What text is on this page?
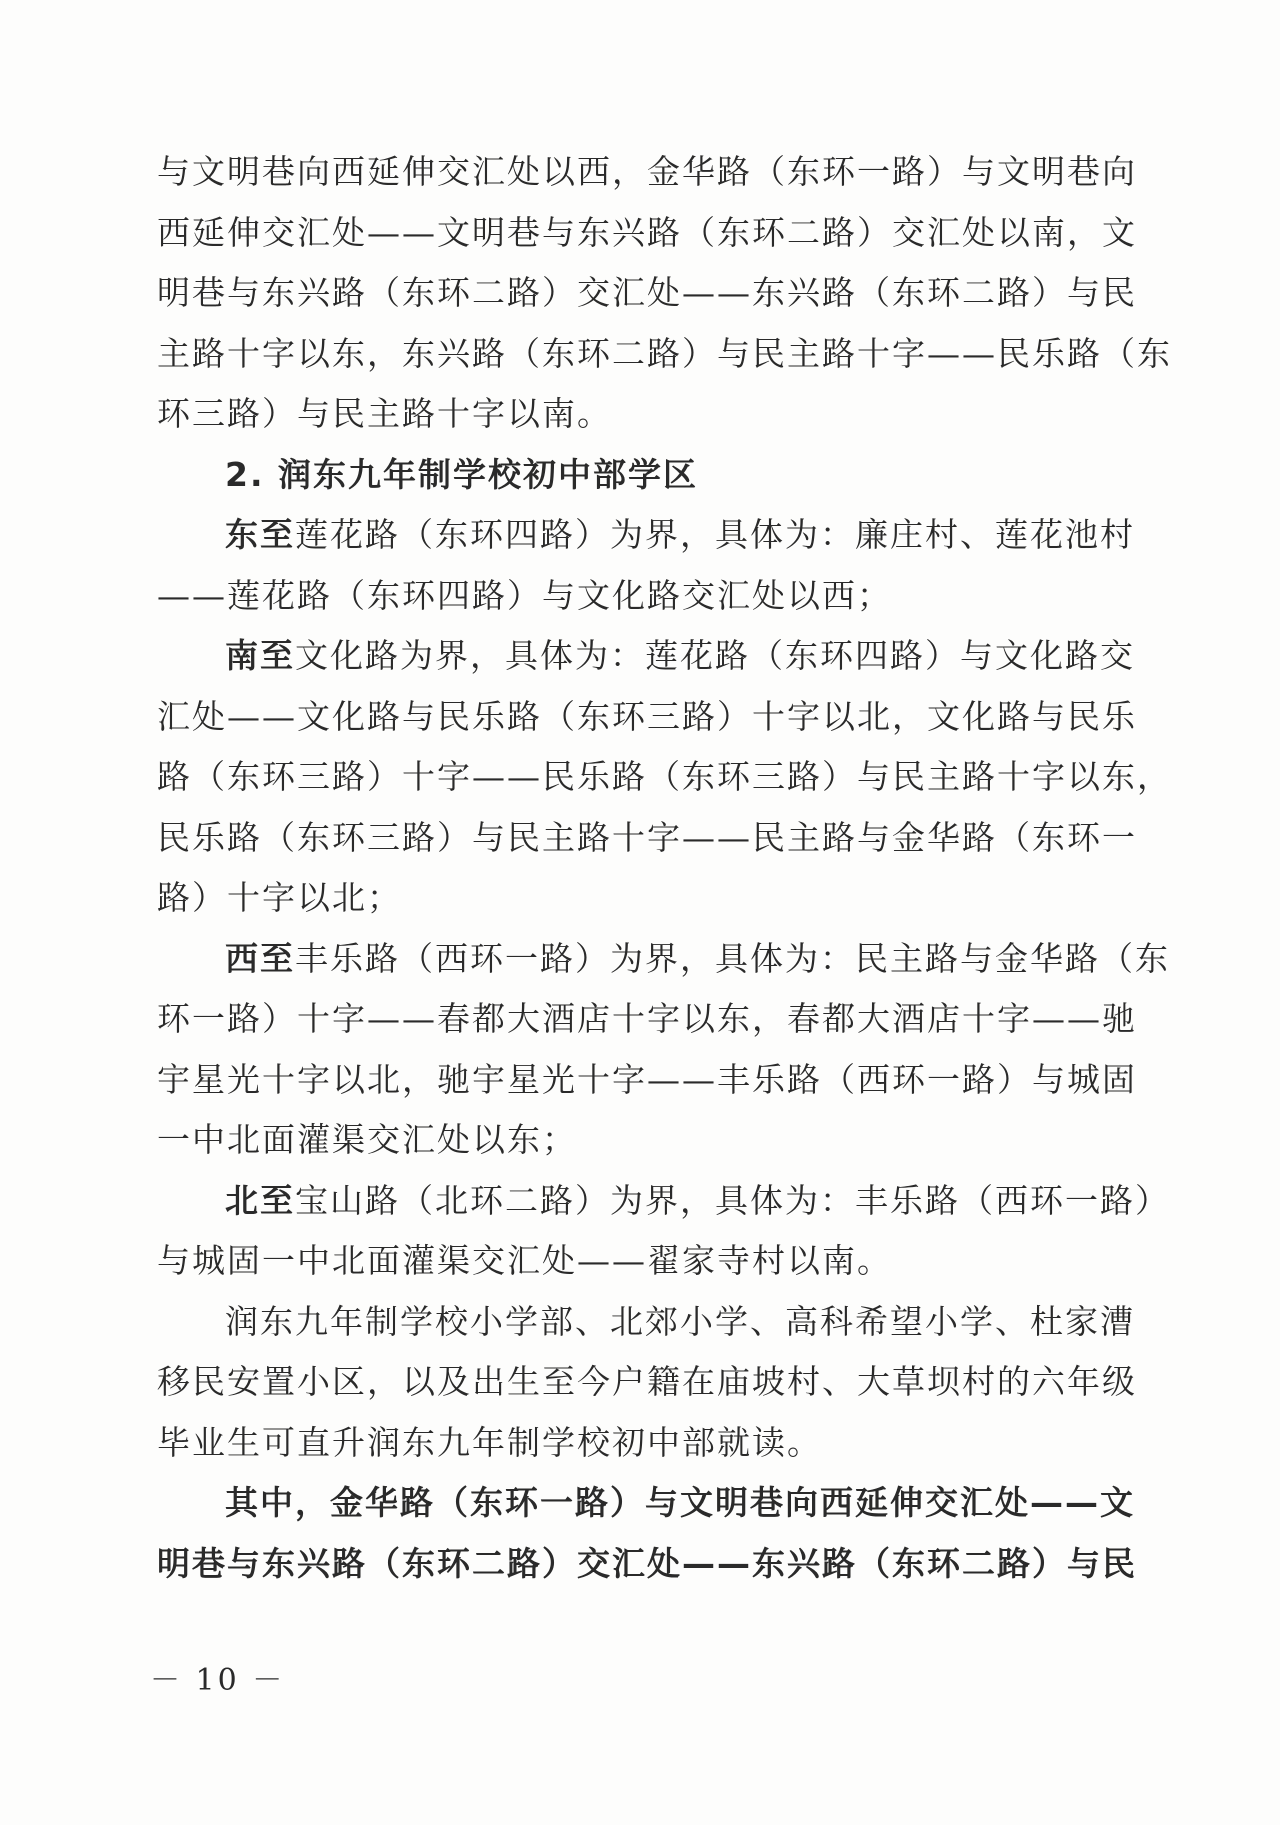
与文明巷向西延伸交汇处以西，金华路（东环一路）与文明巷向
西延伸交汇处——文明巷与东兴路（东环二路）交汇处以南，文
明巷与东兴路（东环二路）交汇处——东兴路（东环二路）与民
主路十字以东，东兴路（东环二路）与民主路十字——民乐路（东
环三路）与民主路十字以南。
2. 润东九年制学校初中部学区
东至莲花路（东环四路）为界，具体为：廉庄村、莲花池村
——莲花路（东环四路）与文化路交汇处以西；
南至文化路为界，具体为：莲花路（东环四路）与文化路交
汇处——文化路与民乐路（东环三路）十字以北，文化路与民乐
路（东环三路）十字——民乐路（东环三路）与民主路十字以东，
民乐路（东环三路）与民主路十字——民主路与金华路（东环一
路）十字以北；
西至丰乐路（西环一路）为界，具体为：民主路与金华路（东
环一路）十字——春都大酒店十字以东，春都大酒店十字——驰
宇星光十字以北，驰宇星光十字——丰乐路（西环一路）与城固
一中北面灌渠交汇处以东；
北至宝山路（北环二路）为界，具体为：丰乐路（西环一路）
与城固一中北面灌渠交汇处——翟家寺村以南。
润东九年制学校小学部、北郊小学、高科希望小学、杜家漕
移民安置小区，以及出生至今户籍在庙坡村、大草坝村的六年级
毕业生可直升润东九年制学校初中部就读。
其中，金华路（东环一路）与文明巷向西延伸交汇处——文
明巷与东兴路（东环二路）交汇处——东兴路（东环二路）与民
－ 10 －
